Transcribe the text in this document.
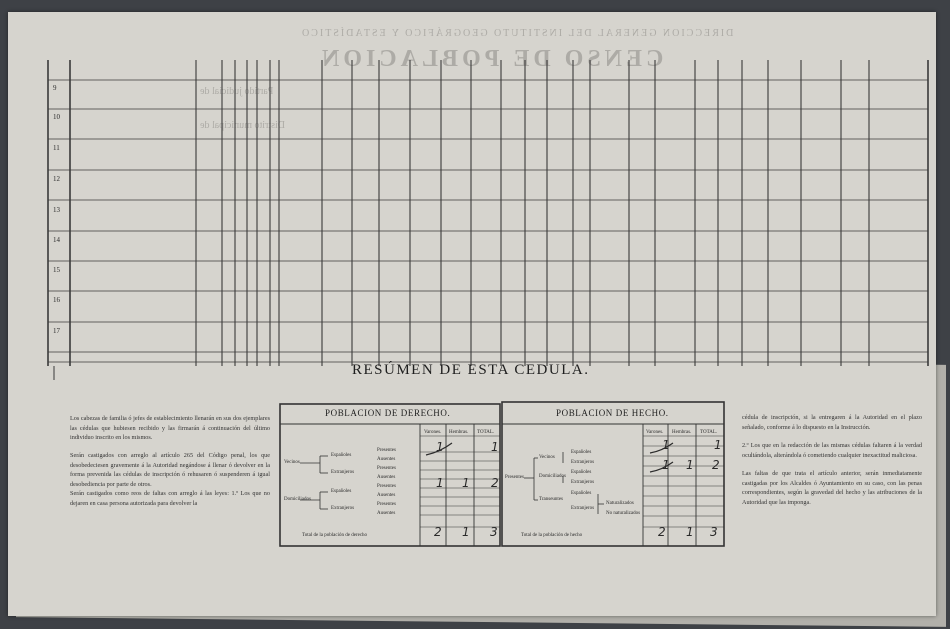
DIRECCION GENERAL DEL INSTITUTO GEOGRÁFICO Y ESTADÍSTICO
CENSO DE POBLACION
Partido judicial de
Distrito municipal de
9
10
11
12
13
14
15
16
17
RESÚMEN DE ESTA CEDULA.
Los cabezas de familia ó jefes de establecimiento llenarán en sus dos ejemplares las cédulas que hubiesen recibido y las firmarán á continuación del último individuo inscrito en los mismos.
Serán castigados con arreglo al artículo 265 del Código penal, los que desobedeciesen gravemente á la Autoridad negándose á llenar ó devolver en la forma prevenida las cédulas de inscripción ó rehusaren ó suspenderen á igual desobediencia por parte de otros.
Serán castigados como reos de faltas con arreglo á las leyes: 1.º Los que no dejaren en casa persona autorizada para devolver la
cédula de inscripción, si la entregaren á la Autoridad en el plazo señalado, conforme á lo dispuesto en la Instrucción.
2.º Los que en la redacción de las mismas cédulas faltaren á la verdad ocultándola, alterándola ó cometiendo cualquier inexactitud maliciosa.
Las faltas de que trata el artículo anterior, serán inmediatamente castigadas por los Alcaldes ó Ayuntamiento en su caso, con las penas correspondientes, según la gravedad del hecho y las atribuciones de la Autoridad que las imponga.
POBLACION DE DERECHO.
Varones. Hembras. TOTAL.
Vecinos
Domiciliados
Españoles
Extranjeros
Españoles
Extranjeros
Presentes
Ausentes
Presentes
Ausentes
Presentes
Ausentes
Presentes
Ausentes
Total de la población de derecho
POBLACION DE HECHO.
Varones. Hembras. TOTAL.
Presentes
Vecinos
Domiciliados
Transeuntes
Españoles
Extranjeros
Españoles
Extranjeros
Españoles
Extranjeros
Naturalizados
No naturalizados
Total de la población de hecho
1	1
1 1 2
2 1 3
1	1
1 1 2
2 1 3
